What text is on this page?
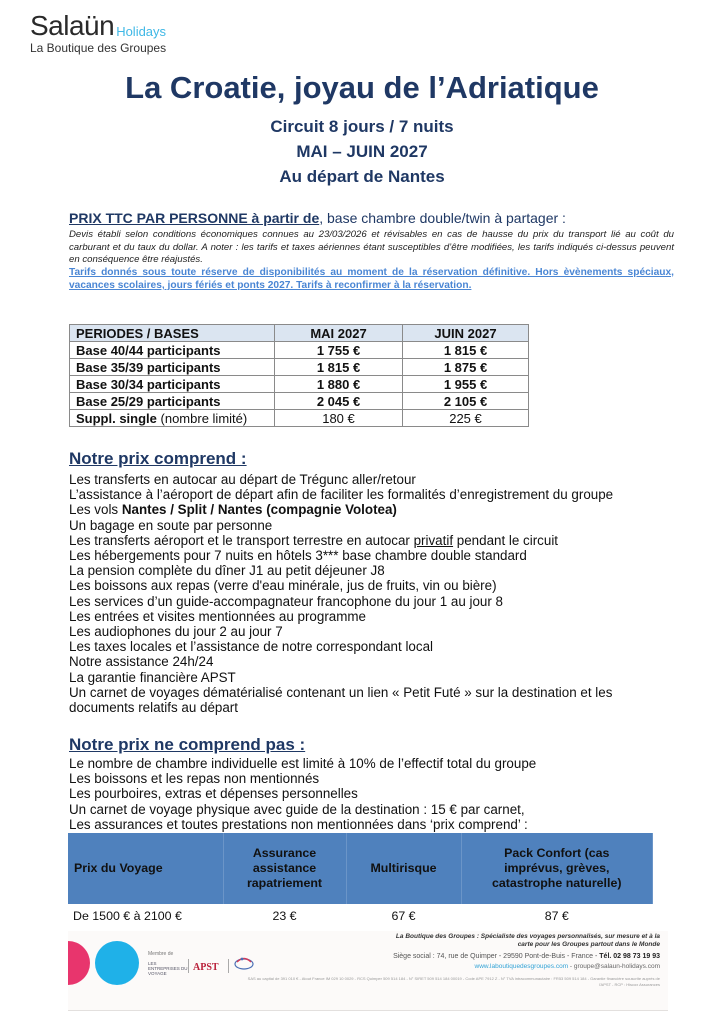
Salaün Holidays
La Boutique des Groupes
La Croatie, joyau de l’Adriatique
Circuit 8 jours / 7 nuits
MAI – JUIN 2027
Au départ de Nantes
PRIX TTC PAR PERSONNE à partir de, base chambre double/twin à partager :
Devis établi selon conditions économiques connues au 23/03/2026 et révisables en cas de hausse du prix du transport lié au coût du carburant et du taux du dollar. A noter : les tarifs et taxes aériennes étant susceptibles d’être modifiées, les tarifs indiqués ci-dessus peuvent en conséquence être réajustés.
Tarifs donnés sous toute réserve de disponibilités au moment de la réservation définitive. Hors èvènements spéciaux, vacances scolaires, jours fériés et ponts 2027. Tarifs à reconfirmer à la réservation.
PERIODES / BASES	MAI 2027	JUIN 2027
Base 40/44 participants	1 755 €	1 815 €
Base 35/39 participants	1 815 €	1 875 €
Base 30/34 participants	1 880 €	1 955 €
Base 25/29 participants	2 045 €	2 105 €
Suppl. single (nombre limité)	180 €	225 €
Notre prix comprend :
Les transferts en autocar au départ de Trégunc aller/retour
L’assistance à l’aéroport de départ afin de faciliter les formalités d’enregistrement du groupe
Les vols Nantes / Split / Nantes (compagnie Volotea)
Un bagage en soute par personne
Les transferts aéroport et le transport terrestre en autocar privatif pendant le circuit
Les hébergements pour 7 nuits en hôtels 3*** base chambre double standard
La pension complète du dîner J1 au petit déjeuner J8
Les boissons aux repas (verre d'eau minérale, jus de fruits, vin ou bière)
Les services d’un guide-accompagnateur francophone du jour 1 au jour 8
Les entrées et visites mentionnées au programme
Les audiophones du jour 2 au jour 7
Les taxes locales et l’assistance de notre correspondant local
Notre assistance 24h/24
La garantie financière APST
Un carnet de voyages dématérialisé contenant un lien « Petit Futé » sur la destination et les documents relatifs au départ
Notre prix ne comprend pas :
Le nombre de chambre individuelle est limité à 10% de l’effectif total du groupe
Les boissons et les repas non mentionnés
Les pourboires, extras et dépenses personnelles
Un carnet de voyage physique avec guide de la destination : 15 € par carnet,
Les assurances et toutes prestations non mentionnées dans ‘prix comprend’ :
Prix du Voyage	Assurance assistance rapatriement	Multirisque	Pack Confort (cas imprévus, grèves, catastrophe naturelle)
De 1500 € à 2100 €	23 €	67 €	87 €
Membre de
LES ENTREPRISES DU VOYAGE
APST
La Boutique des Groupes : Spécialiste des voyages personnalisés, sur mesure et à la carte pour les Groupes partout dans le Monde
Siège social : 74, rue de Quimper - 29590 Pont-de-Buis - France - Tél. 02 98 73 19 93
www.laboutiquedesgroupes.com - groupe@salaun-holidays.com
SAS au capital de 391 010 € - Atout France IM 029 10 0029 - RCS Quimper 509 514 184 - N° SIRET 509 514 184 00019 - Code APE 7912 Z - N° TVA intracommunautaire : FR53 509 514 184 - Garantie financière souscrite auprès de l'APST - RCP : Hiscox Assurances
